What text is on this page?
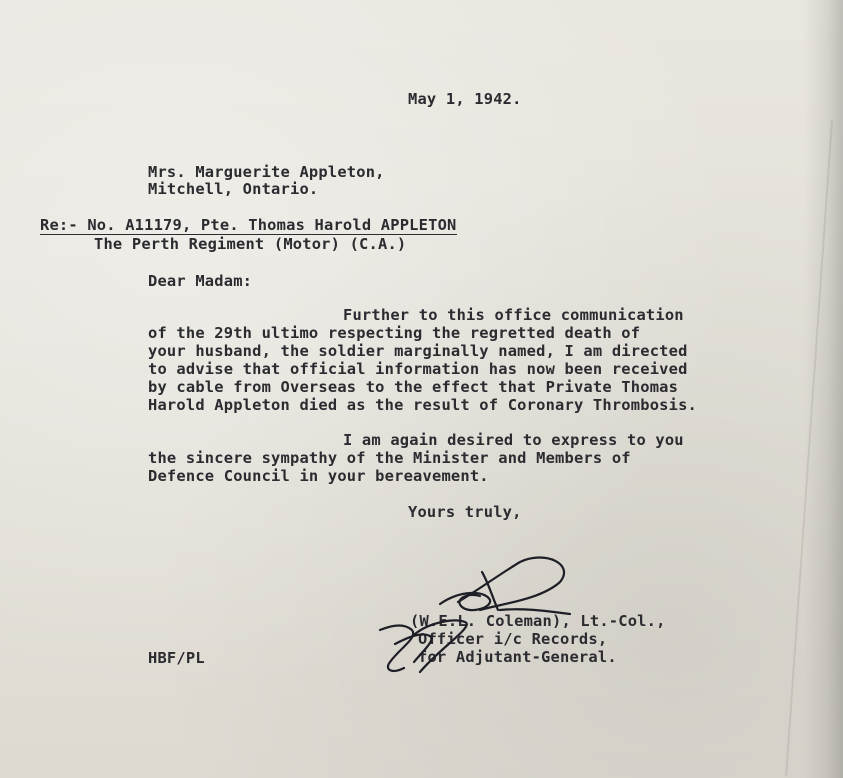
May 1, 1942.
Mrs. Marguerite Appleton,
Mitchell, Ontario.
Re:- No. A11179, Pte. Thomas Harold APPLETON
The Perth Regiment (Motor) (C.A.)
Dear Madam:
Further to this office communication
of the 29th ultimo respecting the regretted death of
your husband, the soldier marginally named, I am directed
to advise that official information has now been received
by cable from Overseas to the effect that Private Thomas
Harold Appleton died as the result of Coronary Thrombosis.
I am again desired to express to you
the sincere sympathy of the Minister and Members of
Defence Council in your bereavement.
Yours truly,
(W.E.L. Coleman), Lt.-Col.,
Officer i/c Records,
for Adjutant-General.
HBF/PL
